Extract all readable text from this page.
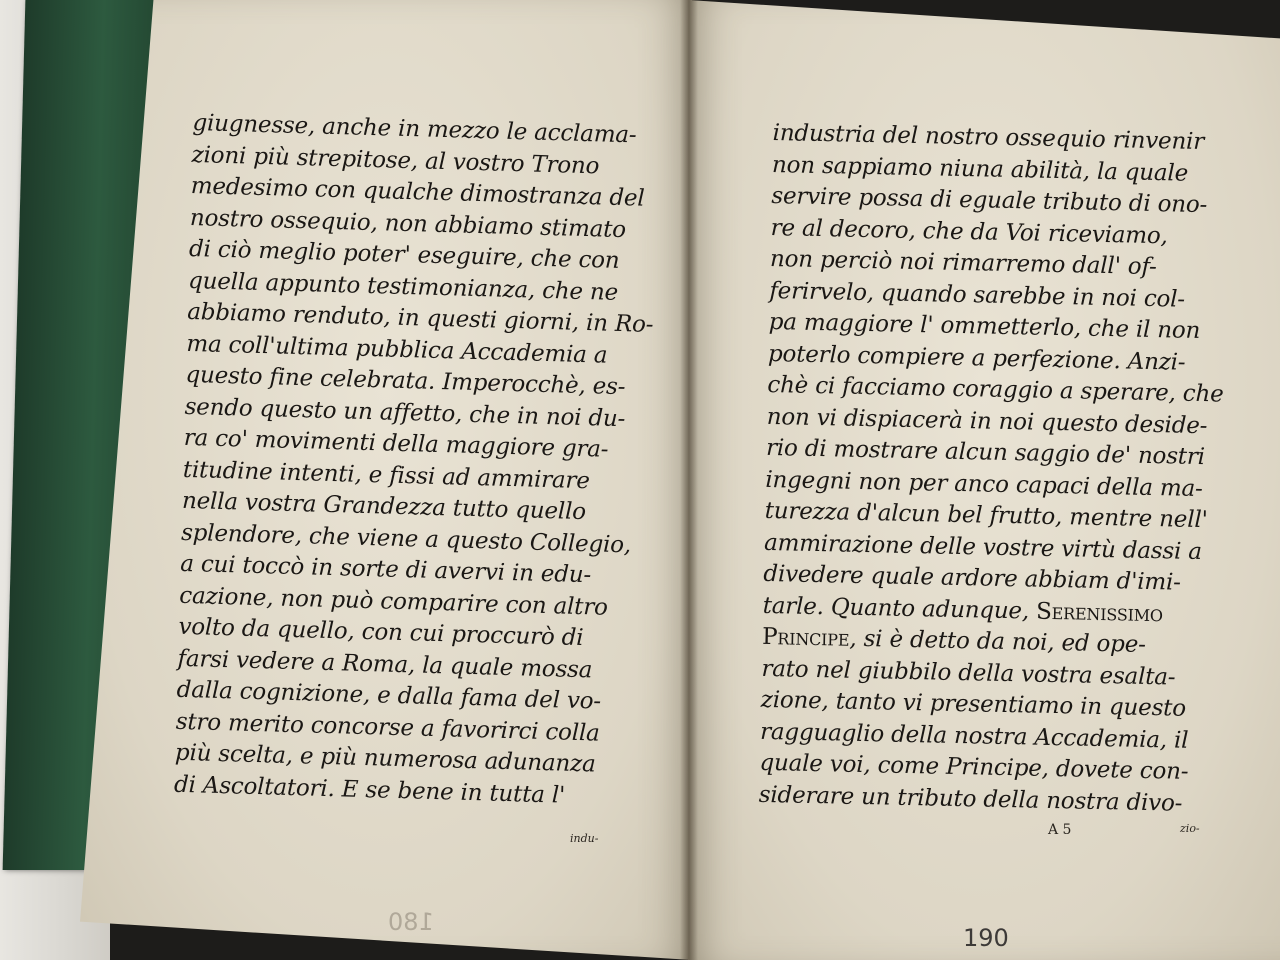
giugnesse, anche in mezzo le acclama-
zioni più strepitose, al vostro Trono
medesimo con qualche dimostranza del
nostro ossequio, non abbiamo stimato
di ciò meglio poter' eseguire, che con
quella appunto testimonianza, che ne
abbiamo renduto, in questi giorni, in Ro-
ma coll'ultima pubblica Accademia a
questo fine celebrata. Imperocchè, es-
sendo questo un affetto, che in noi du-
ra co' movimenti della maggiore gra-
titudine intenti, e fissi ad ammirare
nella vostra Grandezza tutto quello
splendore, che viene a questo Collegio,
a cui toccò in sorte di avervi in edu-
cazione, non può comparire con altro
volto da quello, con cui proccurò di
farsi vedere a Roma, la quale mossa
dalla cognizione, e dalla fama del vo-
stro merito concorse a favorirci colla
più scelta, e più numerosa adunanza
di Ascoltatori. E se bene in tutta l'
industria del nostro ossequio rinvenir
non sappiamo niuna abilità, la quale
servire possa di eguale tributo di ono-
re al decoro, che da Voi riceviamo,
non perciò noi rimarremo dall' of-
ferirvelo, quando sarebbe in noi col-
pa maggiore l' ommetterlo, che il non
poterlo compiere a perfezione. Anzi-
chè ci facciamo coraggio a sperare, che
non vi dispiacerà in noi questo deside-
rio di mostrare alcun saggio de' nostri
ingegni non per anco capaci della ma-
turezza d'alcun bel frutto, mentre nell'
ammirazione delle vostre virtù dassi a
divedere quale ardore abbiam d'imi-
tarle. Quanto adunque, Serenissimo
Principe, si è detto da noi, ed ope-
rato nel giubbilo della vostra esalta-
zione, tanto vi presentiamo in questo
ragguaglio della nostra Accademia, il
quale voi, come Principe, dovete con-
siderare un tributo della nostra divo-
indu-
A 5	zio-
190
180
